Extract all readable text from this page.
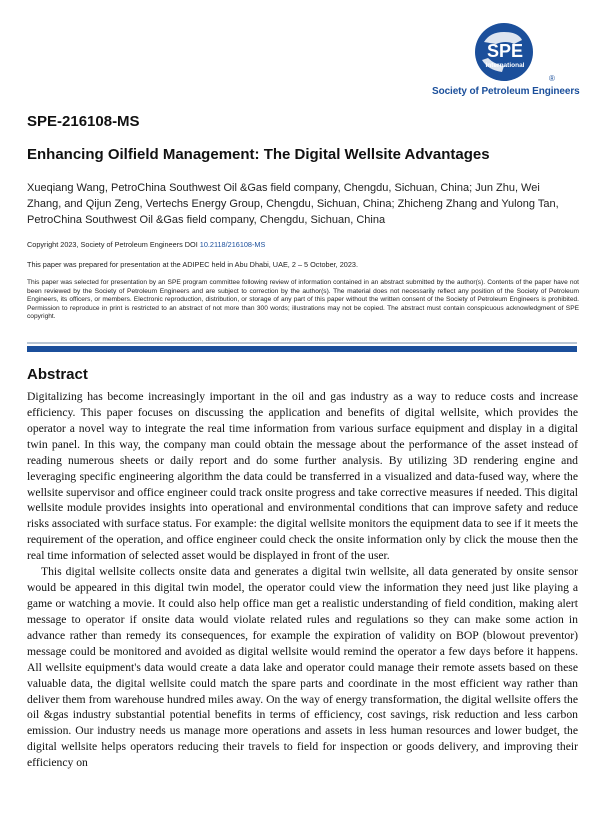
SPE
International
®
Society of Petroleum Engineers
SPE-216108-MS
Enhancing Oilfield Management: The Digital Wellsite Advantages

Xueqiang Wang, PetroChina Southwest Oil &Gas field company, Chengdu, Sichuan, China; Jun Zhu, Wei Zhang, and Qijun Zeng, Vertechs Energy Group, Chengdu, Sichuan, China; Zhicheng Zhang and Yulong Tan, PetroChina Southwest Oil &Gas field company, Chengdu, Sichuan, China

Copyright 2023, Society of Petroleum Engineers DOI 10.2118/216108-MS

This paper was prepared for presentation at the ADIPEC held in Abu Dhabi, UAE, 2 – 5 October, 2023.

This paper was selected for presentation by an SPE program committee following review of information contained in an abstract submitted by the author(s). Contents of the paper have not been reviewed by the Society of Petroleum Engineers and are subject to correction by the author(s). The material does not necessarily reflect any position of the Society of Petroleum Engineers, its officers, or members. Electronic reproduction, distribution, or storage of any part of this paper without the written consent of the Society of Petroleum Engineers is prohibited. Permission to reproduce in print is restricted to an abstract of not more than 300 words; illustrations may not be copied. The abstract must contain conspicuous acknowledgment of SPE copyright.

Abstract

Digitalizing has become increasingly important in the oil and gas industry as a way to reduce costs and increase efficiency. This paper focuses on discussing the application and benefits of digital wellsite, which provides the operator a novel way to integrate the real time information from various surface equipment and display in a digital twin panel. In this way, the company man could obtain the message about the performance of the asset instead of reading numerous sheets or daily report and do some further analysis. By utilizing 3D rendering engine and leveraging specific engineering algorithm the data could be transferred in a visualized and data-fused way, where the wellsite supervisor and office engineer could track onsite progress and take corrective measures if needed. This digital wellsite module provides insights into operational and environmental conditions that can improve safety and reduce risks associated with surface status. For example: the digital wellsite monitors the equipment data to see if it meets the requirement of the operation, and office engineer could check the onsite information only by click the mouse then the real time information of selected asset would be displayed in front of the user.

This digital wellsite collects onsite data and generates a digital twin wellsite, all data generated by onsite sensor would be appeared in this digital twin model, the operator could view the information they need just like playing a game or watching a movie. It could also help office man get a realistic understanding of field condition, making alert message to operator if onsite data would violate related rules and regulations so they can make some action in advance rather than remedy its consequences, for example the expiration of validity on BOP (blowout preventor) message could be monitored and avoided as digital wellsite would remind the operator a few days before it happens. All wellsite equipment's data would create a data lake and operator could manage their remote assets based on these valuable data, the digital wellsite could match the spare parts and coordinate in the most efficient way rather than deliver them from warehouse hundred miles away. On the way of energy transformation, the digital wellsite offers the oil &gas industry substantial potential benefits in terms of efficiency, cost savings, risk reduction and less carbon emission. Our industry needs us manage more operations and assets in less human resources and lower budget, the digital wellsite helps operators reducing their travels to field for inspection or goods delivery, and improving their efficiency on
